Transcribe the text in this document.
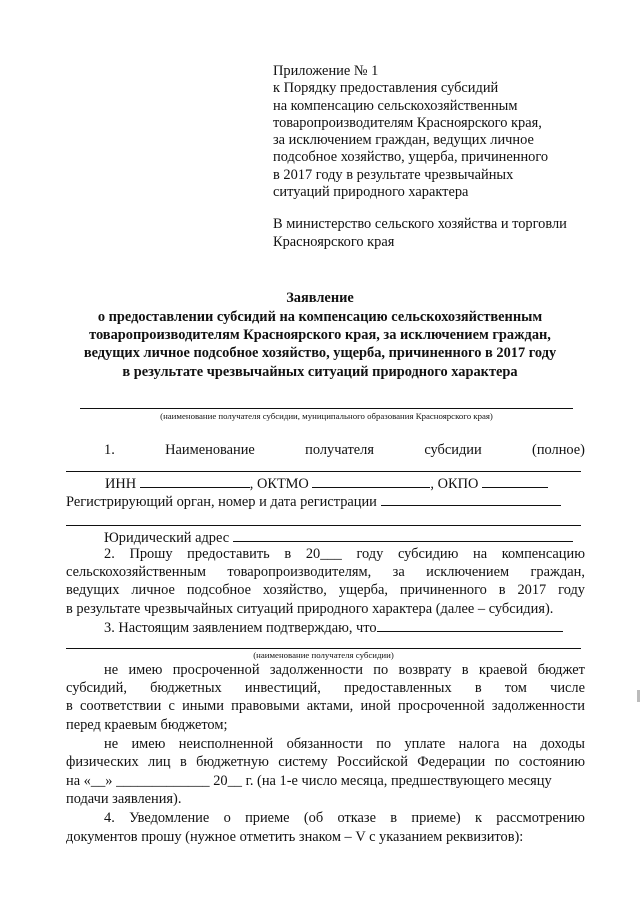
Приложение № 1
к Порядку предоставления субсидий
на компенсацию сельскохозяйственным
товаропроизводителям Красноярского края,
за исключением граждан, ведущих личное
подсобное хозяйство, ущерба, причиненного
в 2017 году в результате чрезвычайных
ситуаций природного характера
В министерство сельского хозяйства и торговли
Красноярского края
Заявление
о предоставлении субсидий на компенсацию сельскохозяйственным
товаропроизводителям Красноярского края, за исключением граждан,
ведущих личное подсобное хозяйство, ущерба, причиненного в 2017 году
в результате чрезвычайных ситуаций природного характера
(наименование получателя субсидии, муниципального образования Красноярского края)
1.	Наименование	получателя	субсидии	(полное)
ИНН	, ОКТМО	, ОКПО
Регистрирующий орган, номер и дата регистрации
Юридический адрес
2. Прошу предоставить в 20___ году субсидию на компенсацию
сельскохозяйственным товаропроизводителям, за исключением граждан,
ведущих личное подсобное хозяйство, ущерба, причиненного в 2017 году
в результате чрезвычайных ситуаций природного характера (далее – субсидия).
3. Настоящим заявлением подтверждаю, что
(наименование получателя субсидии)
не имею просроченной задолженности по возврату в краевой бюджет
субсидий, бюджетных инвестиций, предоставленных в том числе
в соответствии с иными правовыми актами, иной просроченной задолженности
перед краевым бюджетом;
не имею неисполненной обязанности по уплате налога на доходы
физических лиц в бюджетную систему Российской Федерации по состоянию
на «__» _____________ 20__ г. (на 1-е число месяца, предшествующего месяцу
подачи заявления).
4. Уведомление о приеме (об отказе в приеме) к рассмотрению
документов прошу (нужное отметить знаком – V с указанием реквизитов):
